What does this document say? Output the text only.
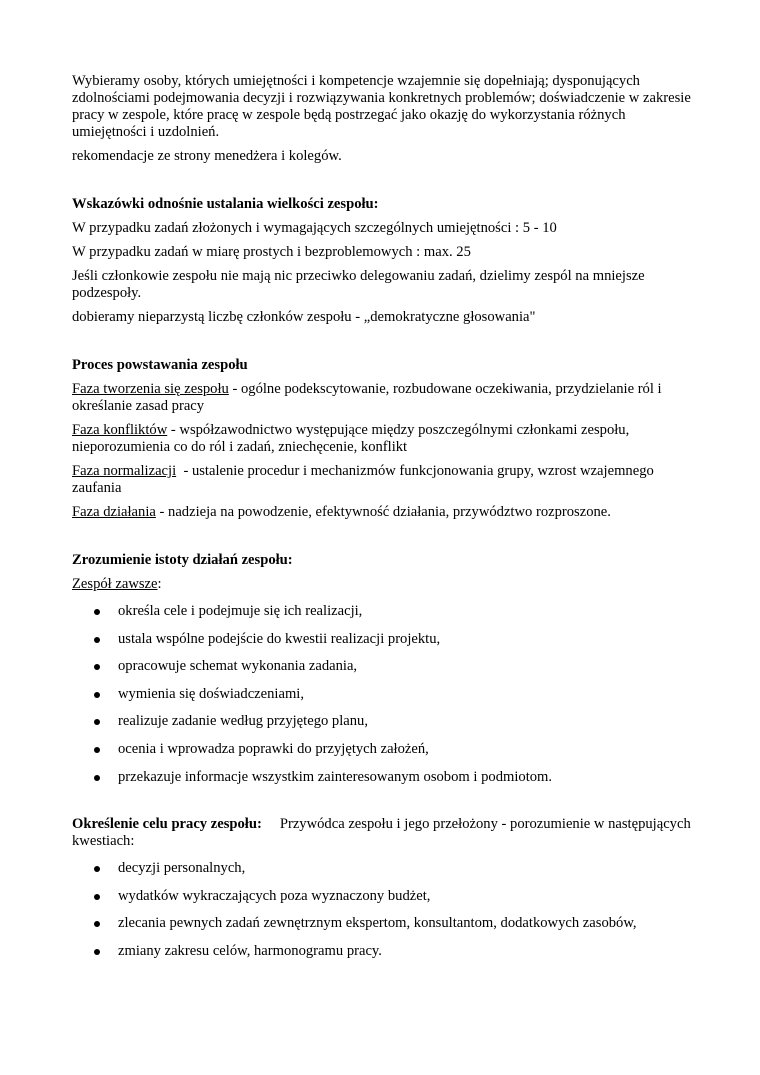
Wybieramy osoby, których umiejętności i kompetencje wzajemnie się dopełniają; dysponujących zdolnościami podejmowania decyzji i rozwiązywania konkretnych problemów; doświadczenie w zakresie pracy w zespole, które pracę w zespole będą postrzegać jako okazję do wykorzystania różnych umiejętności i uzdolnień.

rekomendacje ze strony menedżera i kolegów.

Wskazówki odnośnie ustalania wielkości zespołu:

W przypadku zadań złożonych i wymagających szczególnych umiejętności : 5 - 10

W przypadku zadań w miarę prostych i bezproblemowych : max. 25

Jeśli członkowie zespołu nie mają nic przeciwko delegowaniu zadań, dzielimy zespól na mniejsze podzespoły.

dobieramy nieparzystą liczbę członków zespołu - „demokratyczne głosowania"

Proces powstawania zespołu

Faza tworzenia się zespołu - ogólne podekscytowanie, rozbudowane oczekiwania, przydzielanie ról i określanie zasad pracy

Faza konfliktów - współzawodnictwo występujące między poszczególnymi członkami zespołu, nieporozumienia co do ról i zadań, zniechęcenie, konflikt

Faza normalizacji  - ustalenie procedur i mechanizmów funkcjonowania grupy, wzrost wzajemnego zaufania

Faza działania - nadzieja na powodzenie, efektywność działania, przywództwo rozproszone.

Zrozumienie istoty działań zespołu:

Zespół zawsze:

określa cele i podejmuje się ich realizacji,
ustala wspólne podejście do kwestii realizacji projektu,
opracowuje schemat wykonania zadania,
wymienia się doświadczeniami,
realizuje zadanie według przyjętego planu,
ocenia i wprowadza poprawki do przyjętych założeń,
przekazuje informacje wszystkim zainteresowanym osobom i podmiotom.

Określenie celu pracy zespołu: Przywódca zespołu i jego przełożony - porozumienie w następujących kwestiach:

decyzji personalnych,
wydatków wykraczających poza wyznaczony budżet,
zlecania pewnych zadań zewnętrznym ekspertom, konsultantom, dodatkowych zasobów,
zmiany zakresu celów, harmonogramu pracy.
